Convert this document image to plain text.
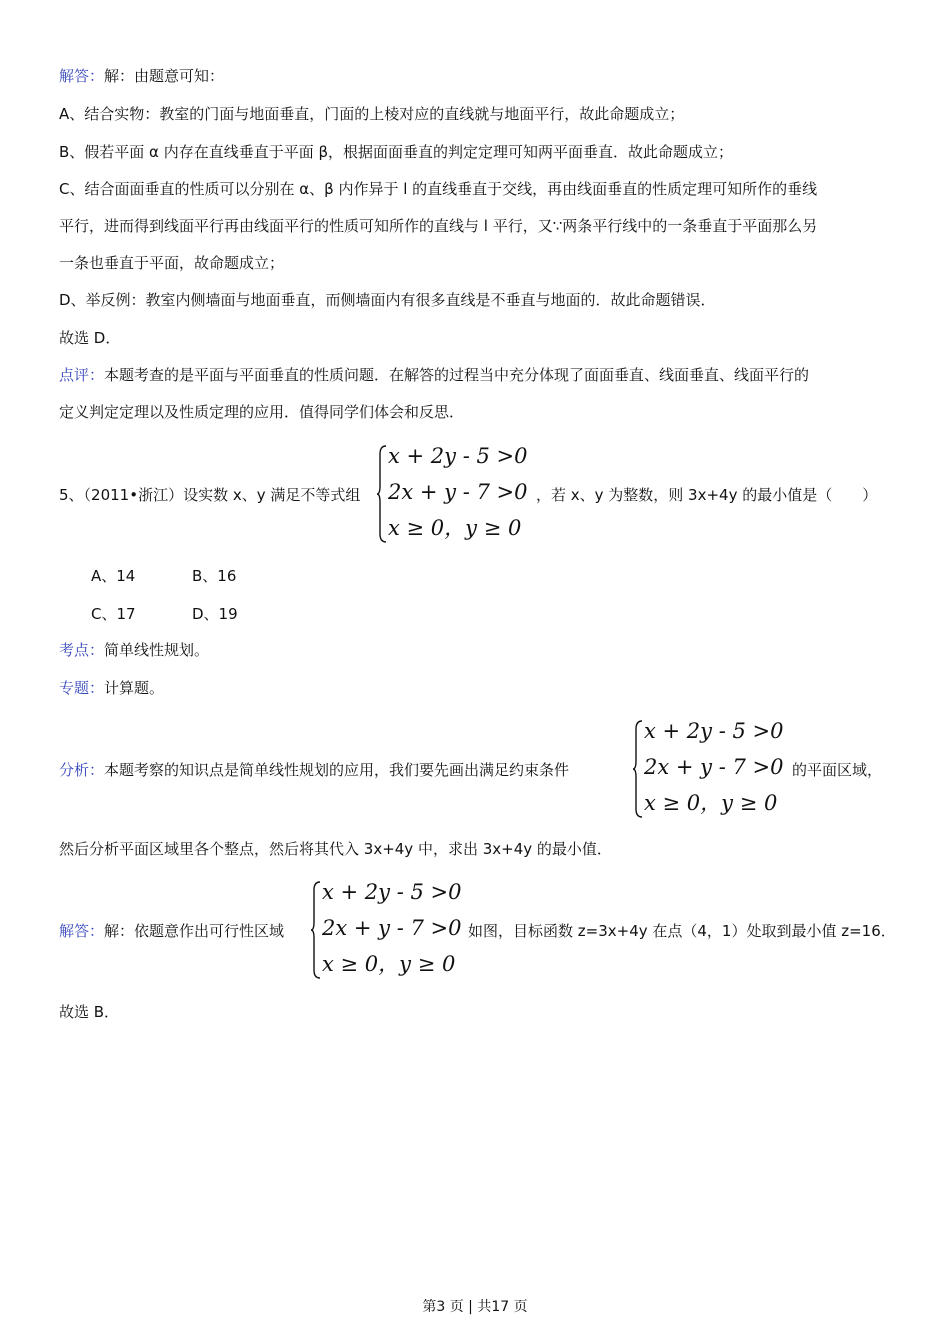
解答：解：由题意可知：
A、结合实物：教室的门面与地面垂直，门面的上棱对应的直线就与地面平行，故此命题成立；
B、假若平面 α 内存在直线垂直于平面 β，根据面面垂直的判定定理可知两平面垂直．故此命题成立；
C、结合面面垂直的性质可以分别在 α、β 内作异于 l 的直线垂直于交线，再由线面垂直的性质定理可知所作的垂线
平行，进而得到线面平行再由线面平行的性质可知所作的直线与 l 平行，又∵两条平行线中的一条垂直于平面那么另
一条也垂直于平面，故命题成立；
D、举反例：教室内侧墙面与地面垂直，而侧墙面内有很多直线是不垂直与地面的．故此命题错误．
故选 D．
点评：本题考查的是平面与平面垂直的性质问题．在解答的过程当中充分体现了面面垂直、线面垂直、线面平行的
定义判定定理以及性质定理的应用．值得同学们体会和反思．
5、（2011•浙江）设实数 x、y 满足不等式组
x + 2y - 5 >0
2x + y - 7 >0
x ≥ 0，y ≥ 0
，若 x、y 为整数，则 3x+4y 的最小值是（　　）
A、14	B、16
C、17	D、19
考点：简单线性规划。
专题：计算题。
分析：本题考察的知识点是简单线性规划的应用，我们要先画出满足约束条件
x + 2y - 5 >0
2x + y - 7 >0
x ≥ 0，y ≥ 0
的平面区域，
然后分析平面区域里各个整点，然后将其代入 3x+4y 中，求出 3x+4y 的最小值．
解答：解：依题意作出可行性区域
x + 2y - 5 >0
2x + y - 7 >0
x ≥ 0，y ≥ 0
如图，目标函数 z=3x+4y 在点（4，1）处取到最小值 z=16．
故选 B．
第3 页 | 共17 页
